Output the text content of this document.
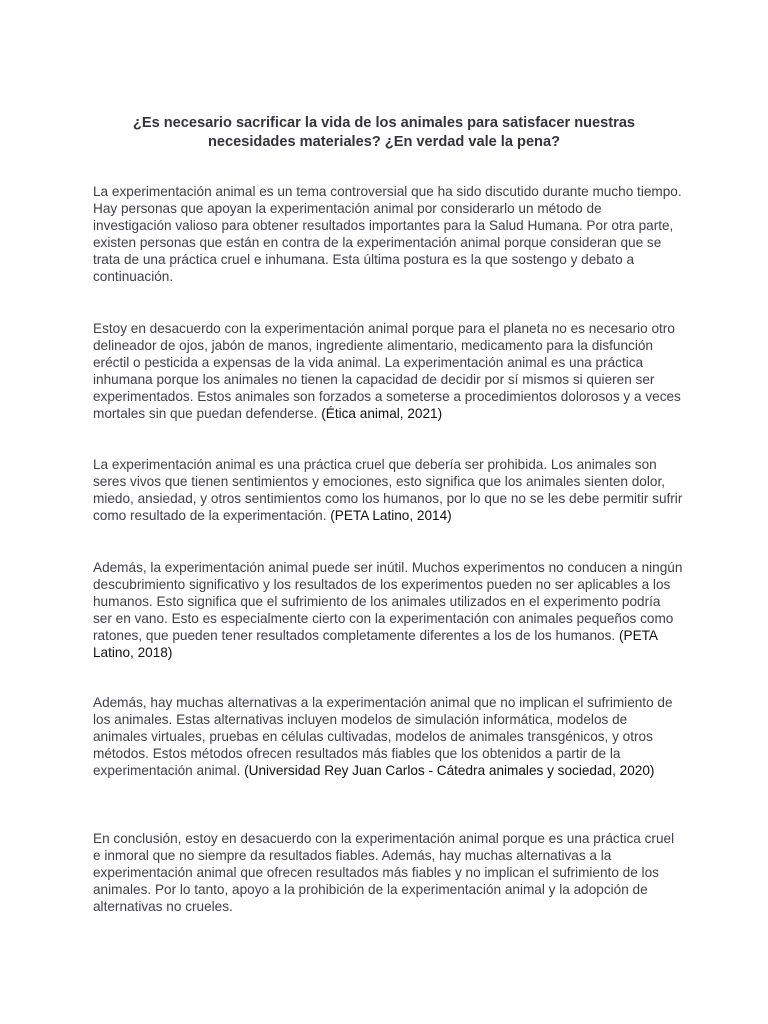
¿Es necesario sacrificar la vida de los animales para satisfacer nuestras necesidades materiales? ¿En verdad vale la pena?

La experimentación animal es un tema controversial que ha sido discutido durante mucho tiempo. Hay personas que apoyan la experimentación animal por considerarlo un método de investigación valioso para obtener resultados importantes para la Salud Humana. Por otra parte, existen personas que están en contra de la experimentación animal porque consideran que se trata de una práctica cruel e inhumana. Esta última postura es la que sostengo y debato a continuación.

Estoy en desacuerdo con la experimentación animal porque para el planeta no es necesario otro delineador de ojos, jabón de manos, ingrediente alimentario, medicamento para la disfunción eréctil o pesticida a expensas de la vida animal. La experimentación animal es una práctica inhumana porque los animales no tienen la capacidad de decidir por sí mismos si quieren ser experimentados. Estos animales son forzados a someterse a procedimientos dolorosos y a veces mortales sin que puedan defenderse. (Ética animal, 2021)

La experimentación animal es una práctica cruel que debería ser prohibida. Los animales son seres vivos que tienen sentimientos y emociones, esto significa que los animales sienten dolor, miedo, ansiedad, y otros sentimientos como los humanos, por lo que no se les debe permitir sufrir como resultado de la experimentación. (PETA Latino, 2014)

Además, la experimentación animal puede ser inútil. Muchos experimentos no conducen a ningún descubrimiento significativo y los resultados de los experimentos pueden no ser aplicables a los humanos. Esto significa que el sufrimiento de los animales utilizados en el experimento podría ser en vano. Esto es especialmente cierto con la experimentación con animales pequeños como ratones, que pueden tener resultados completamente diferentes a los de los humanos. (PETA Latino, 2018)

Además, hay muchas alternativas a la experimentación animal que no implican el sufrimiento de los animales. Estas alternativas incluyen modelos de simulación informática, modelos de animales virtuales, pruebas en células cultivadas, modelos de animales transgénicos, y otros métodos. Estos métodos ofrecen resultados más fiables que los obtenidos a partir de la experimentación animal. (Universidad Rey Juan Carlos - Cátedra animales y sociedad, 2020)

En conclusión, estoy en desacuerdo con la experimentación animal porque es una práctica cruel e inmoral que no siempre da resultados fiables. Además, hay muchas alternativas a la experimentación animal que ofrecen resultados más fiables y no implican el sufrimiento de los animales. Por lo tanto, apoyo a la prohibición de la experimentación animal y la adopción de alternativas no crueles.
